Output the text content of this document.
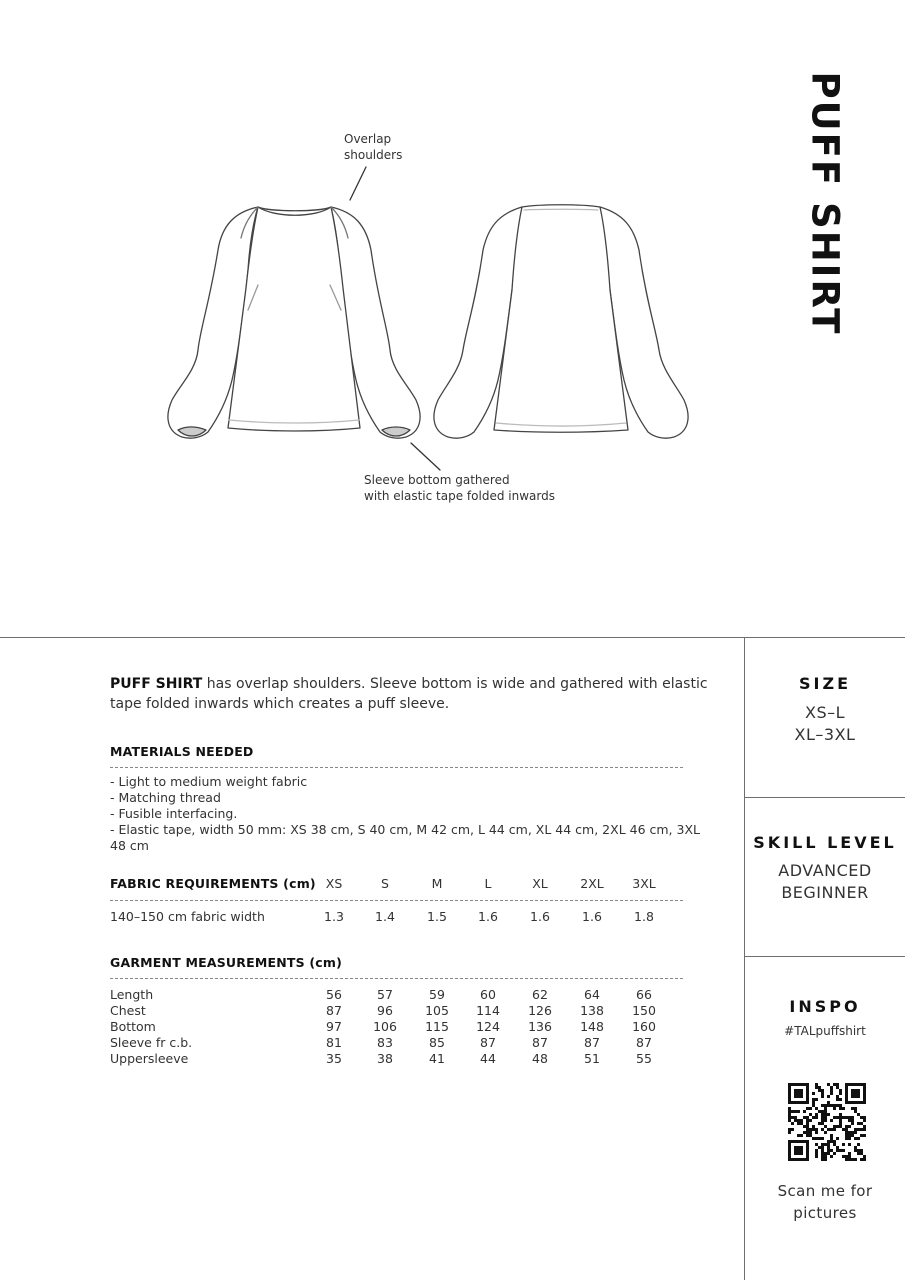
Overlap
shoulders
Sleeve bottom gathered
with elastic tape folded inwards
PUFF SHIRT

PUFF SHIRT has overlap shoulders. Sleeve bottom is wide and gathered with elastic tape folded inwards which creates a puff sleeve.

MATERIALS NEEDED
- Light to medium weight fabric
- Matching thread
- Fusible interfacing.
- Elastic tape, width 50 mm: XS 38 cm, S 40 cm, M 42 cm, L 44 cm, XL 44 cm, 2XL 46 cm, 3XL 48 cm
FABRIC REQUIREMENTS (cm) XS	S	M	L	XL	2XL	3XL
140–150 cm fabric width	1.3	1.4	1.5	1.6	1.6	1.6	1.8
GARMENT MEASUREMENTS (cm)
Length	56	57	59	60	62	64	66
Chest	87	96	105	114	126	138	150
Bottom	97	106	115	124	136	148	160
Sleeve fr c.b.	81	83	85	87	87	87	87
Uppersleeve	35	38	41	44	48	51	55
SIZE
XS–L
XL–3XL
SKILL LEVEL
ADVANCED
BEGINNER
INSPO
#TALpuffshirt
Scan me for
pictures
